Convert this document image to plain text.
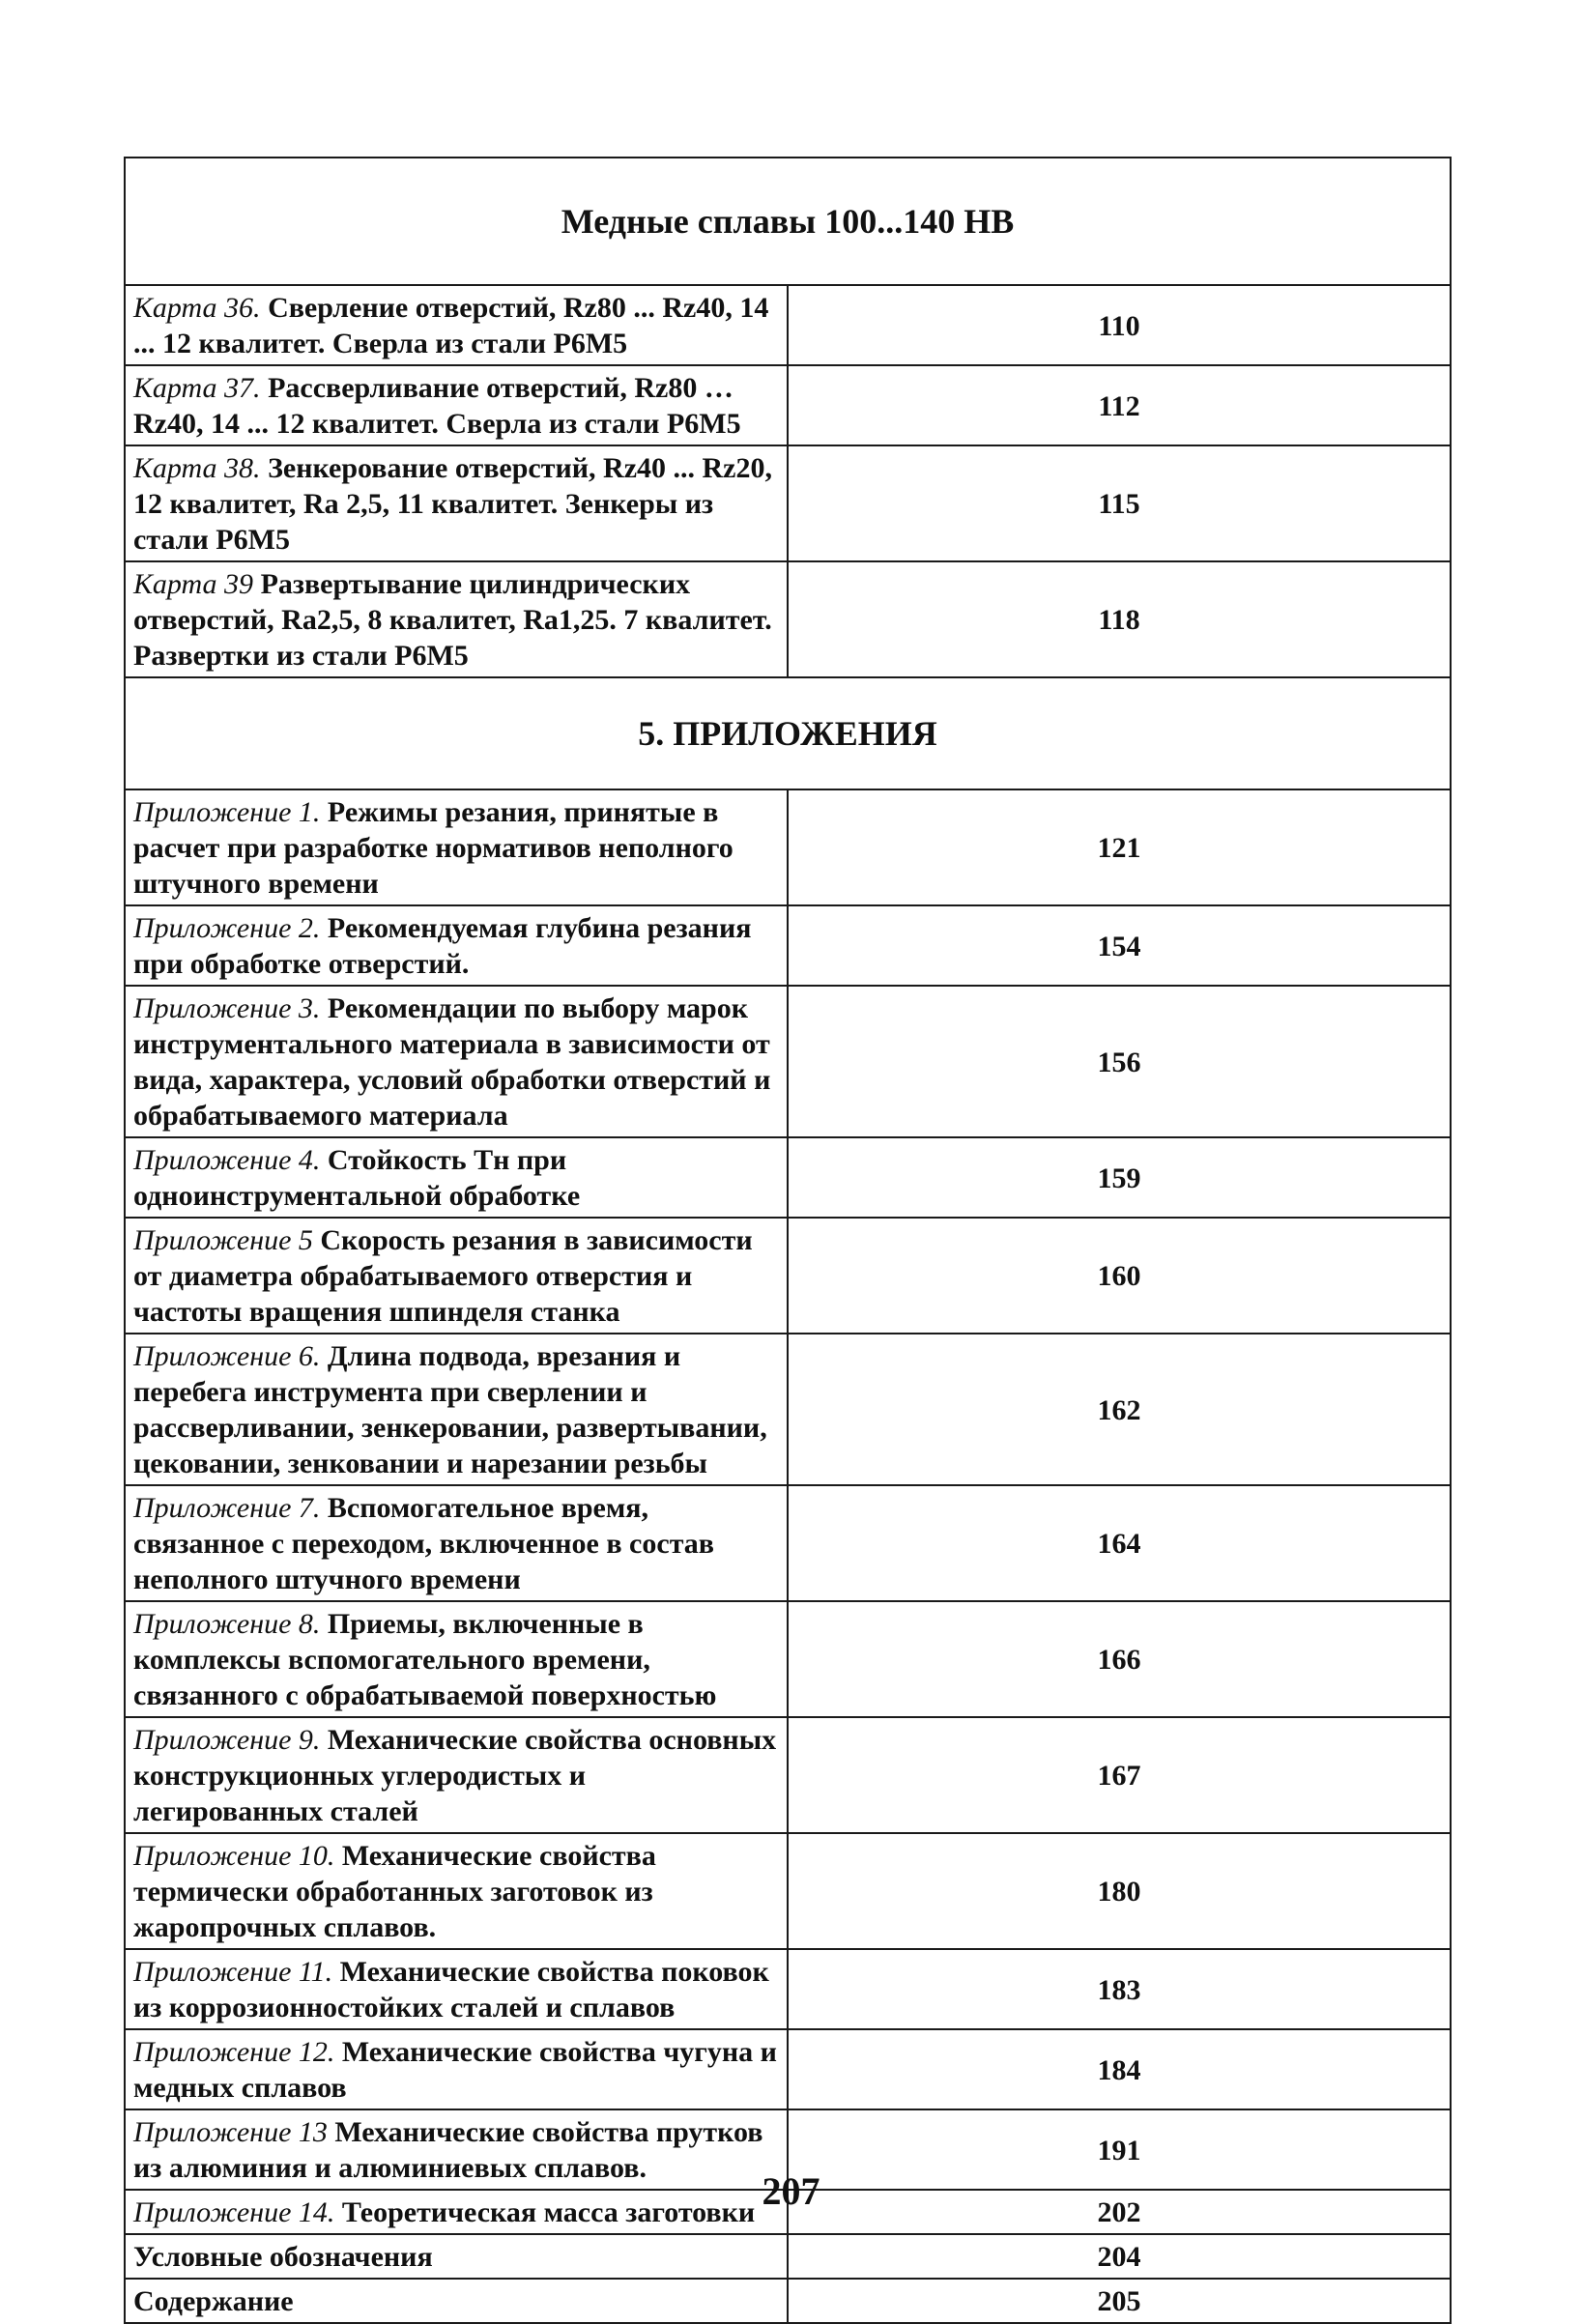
Медные сплавы 100...140 НВ	
Карта 36. Сверление отверстий, Rz80 ... Rz40, 14 ... 12 квалитет. Сверла из стали Р6М5	110
Карта 37. Рассверливание отверстий, Rz80 … Rz40, 14 ... 12 квалитет. Сверла из стали Р6М5	112
Карта 38. Зенкерование отверстий, Rz40 ... Rz20, 12 квалитет, Ra 2,5, 11 квалитет. Зенкеры из стали Р6М5	115
Карта 39 Развертывание цилиндрических отверстий, Ra2,5, 8 квалитет, Ra1,25. 7 квалитет. Развертки из стали Р6М5	118
5. ПРИЛОЖЕНИЯ	
Приложение 1. Режимы резания, принятые в расчет при разработке нормативов неполного штучного времени	121
Приложение 2. Рекомендуемая глубина резания при обработке отверстий.	154
Приложение 3. Рекомендации по выбору марок инструментального материала в зависимости от вида, характера, условий обработки отверстий и обрабатываемого материала	156
Приложение 4. Стойкость Тн при одноинструментальной обработке	159
Приложение 5 Скорость резания в зависимости от диаметра обрабатываемого отверстия и частоты вращения шпинделя станка	160
Приложение 6. Длина подвода, врезания и перебега инструмента при сверлении и рассверливании, зенкеровании, развертывании, цековании, зенковании и нарезании резьбы	162
Приложение 7. Вспомогательное время, связанное с переходом, включенное в состав неполного штучного времени	164
Приложение 8. Приемы, включенные в комплексы вспомогательного времени, связанного с обрабатываемой поверхностью	166
Приложение 9. Механические свойства основных конструкционных углеродистых и легированных сталей	167
Приложение 10. Механические свойства термически обработанных заготовок из жаропрочных сплавов.	180
Приложение 11. Механические свойства поковок из коррозионностойких сталей и сплавов	183
Приложение 12. Механические свойства чугуна и медных сплавов	184
Приложение 13 Механические свойства прутков из алюминия и алюминиевых сплавов.	191
Приложение 14. Теоретическая масса заготовки	202
Условные обозначения	204
Содержание	205
207
